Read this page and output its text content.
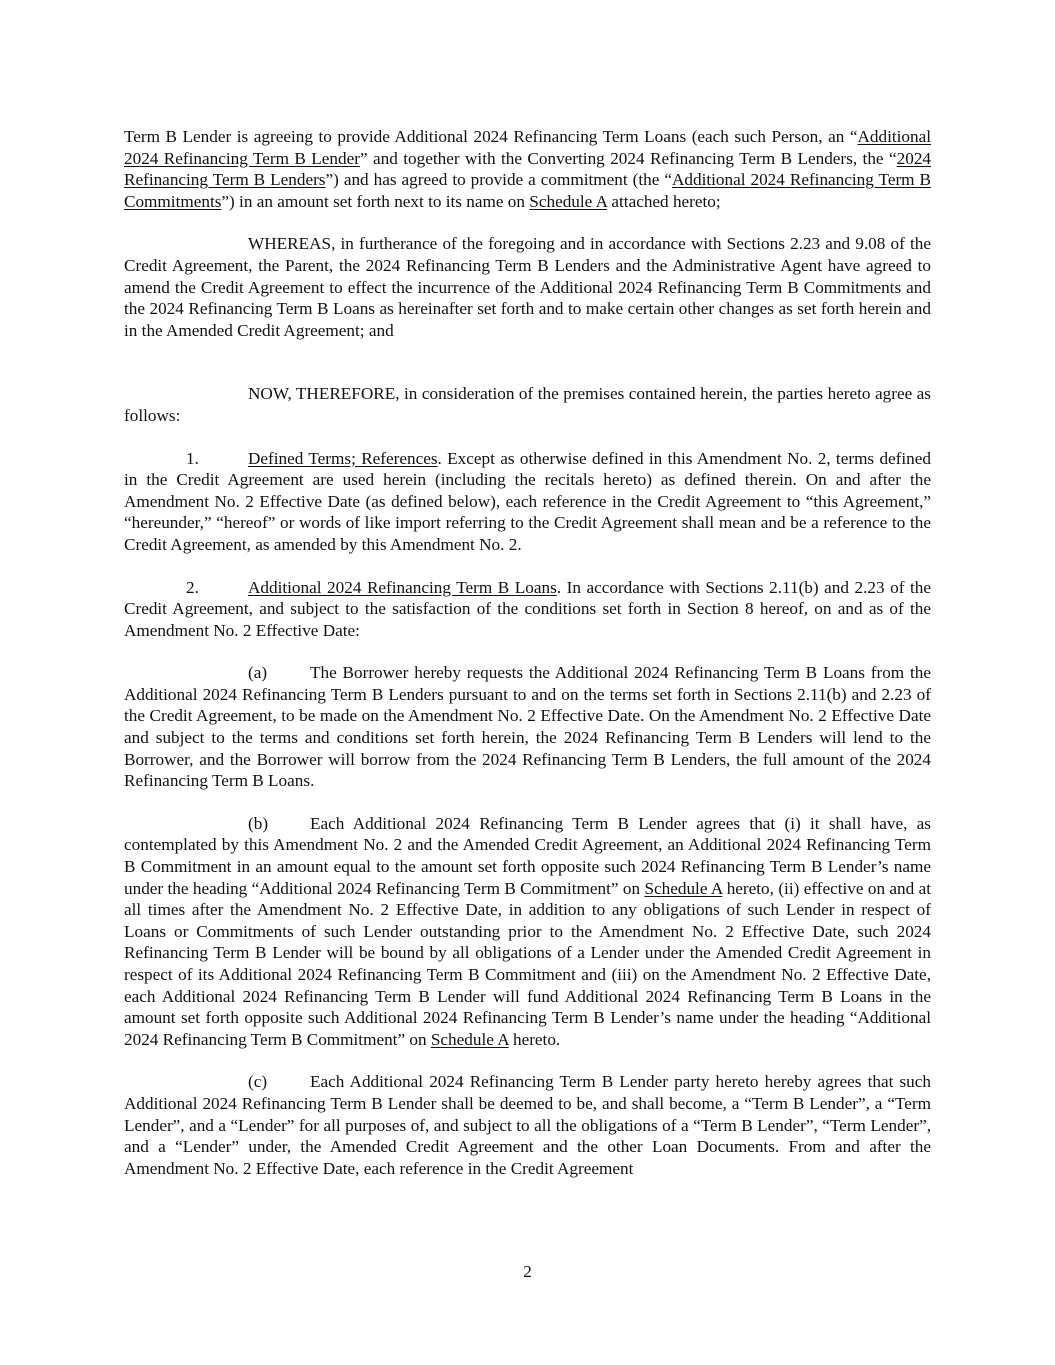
Term B Lender is agreeing to provide Additional 2024 Refinancing Term Loans (each such Person, an “Additional 2024 Refinancing Term B Lender” and together with the Converting 2024 Refinancing Term B Lenders, the “2024 Refinancing Term B Lenders”) and has agreed to provide a commitment (the “Additional 2024 Refinancing Term B Commitments”) in an amount set forth next to its name on Schedule A attached hereto;

WHEREAS, in furtherance of the foregoing and in accordance with Sections 2.23 and 9.08 of the Credit Agreement, the Parent, the 2024 Refinancing Term B Lenders and the Administrative Agent have agreed to amend the Credit Agreement to effect the incurrence of the Additional 2024 Refinancing Term B Commitments and the 2024 Refinancing Term B Loans as hereinafter set forth and to make certain other changes as set forth herein and in the Amended Credit Agreement; and

NOW, THEREFORE, in consideration of the premises contained herein, the parties hereto agree as follows:

1.	Defined Terms; References. Except as otherwise defined in this Amendment No. 2, terms defined in the Credit Agreement are used herein (including the recitals hereto) as defined therein. On and after the Amendment No. 2 Effective Date (as defined below), each reference in the Credit Agreement to “this Agreement,” “hereunder,” “hereof” or words of like import referring to the Credit Agreement shall mean and be a reference to the Credit Agreement, as amended by this Amendment No. 2.

2.	Additional 2024 Refinancing Term B Loans. In accordance with Sections 2.11(b) and 2.23 of the Credit Agreement, and subject to the satisfaction of the conditions set forth in Section 8 hereof, on and as of the Amendment No. 2 Effective Date:

(a) The Borrower hereby requests the Additional 2024 Refinancing Term B Loans from the Additional 2024 Refinancing Term B Lenders pursuant to and on the terms set forth in Sections 2.11(b) and 2.23 of the Credit Agreement, to be made on the Amendment No. 2 Effective Date. On the Amendment No. 2 Effective Date and subject to the terms and conditions set forth herein, the 2024 Refinancing Term B Lenders will lend to the Borrower, and the Borrower will borrow from the 2024 Refinancing Term B Lenders, the full amount of the 2024 Refinancing Term B Loans.

(b) Each Additional 2024 Refinancing Term B Lender agrees that (i) it shall have, as contemplated by this Amendment No. 2 and the Amended Credit Agreement, an Additional 2024 Refinancing Term B Commitment in an amount equal to the amount set forth opposite such 2024 Refinancing Term B Lender’s name under the heading “Additional 2024 Refinancing Term B Commitment” on Schedule A hereto, (ii) effective on and at all times after the Amendment No. 2 Effective Date, in addition to any obligations of such Lender in respect of Loans or Commitments of such Lender outstanding prior to the Amendment No. 2 Effective Date, such 2024 Refinancing Term B Lender will be bound by all obligations of a Lender under the Amended Credit Agreement in respect of its Additional 2024 Refinancing Term B Commitment and (iii) on the Amendment No. 2 Effective Date, each Additional 2024 Refinancing Term B Lender will fund Additional 2024 Refinancing Term B Loans in the amount set forth opposite such Additional 2024 Refinancing Term B Lender’s name under the heading “Additional 2024 Refinancing Term B Commitment” on Schedule A hereto.

(c) Each Additional 2024 Refinancing Term B Lender party hereto hereby agrees that such Additional 2024 Refinancing Term B Lender shall be deemed to be, and shall become, a “Term B Lender”, a “Term Lender”, and a “Lender” for all purposes of, and subject to all the obligations of a “Term B Lender”, “Term Lender”, and a “Lender” under, the Amended Credit Agreement and the other Loan Documents. From and after the Amendment No. 2 Effective Date, each reference in the Credit Agreement

2
